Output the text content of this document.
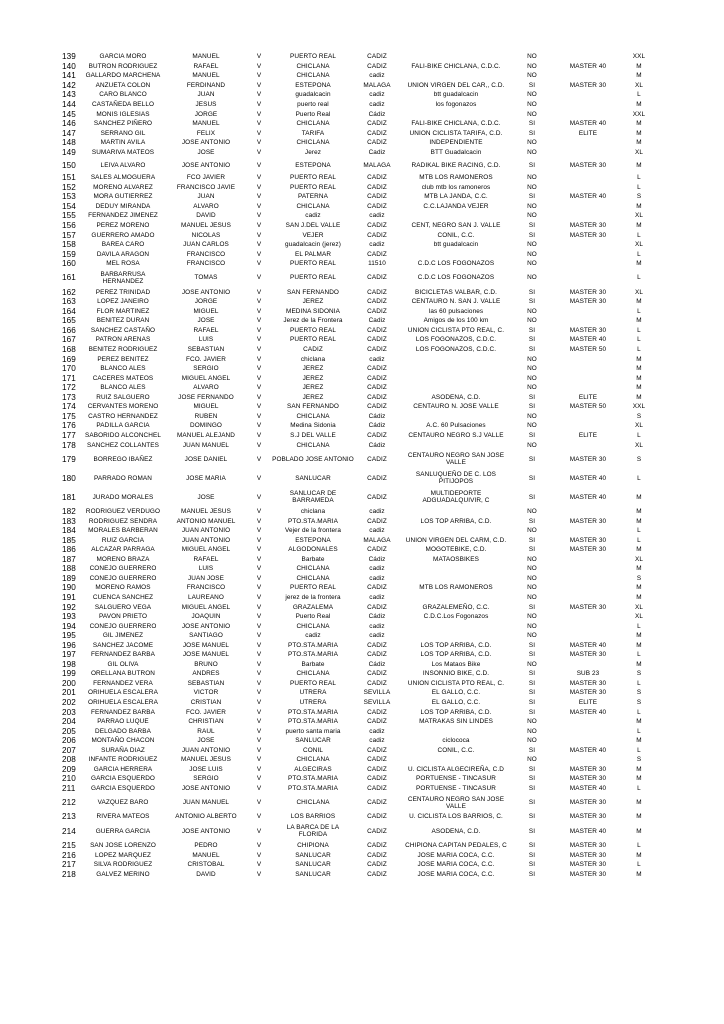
139	GARCIA MORO	MANUEL	V	PUERTO REAL	CADIZ		NO		XXL
140	BUTRON RODRIGUEZ	RAFAEL	V	CHICLANA	CADIZ	FALI-BIKE CHICLANA, C.D.C.	NO	MASTER 40	M
141	GALLARDO MARCHENA	MANUEL	V	CHICLANA	cadiz		NO		M
142	ANZUETA COLON	FERDINAND	V	ESTEPONA	MALAGA	UNION VIRGEN DEL CAR,, C.D.	SI	MASTER 30	XL
143	CARO BLANCO	JUAN	V	guadalcacin	cadiz	btt guadalcacin	NO		L
144	CASTAÑEDA BELLO	JESUS	V	puerto real	cadiz	los fogonazos	NO		M
145	MONIS IGLESIAS	JORGE	V	Puerto Real	Cádiz		NO		XXL
146	SANCHEZ PIÑERO	MANUEL	V	CHICLANA	CADIZ	FALI-BIKE CHICLANA, C.D.C.	SI	MASTER 40	M
147	SERRANO GIL	FELIX	V	TARIFA	CADIZ	UNION CICLISTA TARIFA, C.D.	SI	ELITE	M
148	MARTIN AVILA	JOSE ANTONIO	V	CHICLANA	CADIZ	INDEPENDIENTE	NO		M
149	SUMARIVA MATEOS	JOSE	V	Jerez	Cadiz	BTT Guadalcacin	NO		XL
150	LEIVA ALVARO	JOSE ANTONIO	V	ESTEPONA	MALAGA	RADIKAL BIKE RACING, C.D.	SI	MASTER 30	M
151	SALES ALMOGUERA	FCO JAVIER	V	PUERTO REAL	CADIZ	MTB LOS RAMONEROS	NO		L
152	MORENO ALVAREZ	FRANCISCO JAVIE	V	PUERTO REAL	CADIZ	club mtb los ramoneros	NO		L
153	MORA GUTIERREZ	JUAN	V	PATERNA	CADIZ	MTB LA JANDA, C.C.	SI	MASTER 40	S
154	DEDUY MIRANDA	ALVARO	V	CHICLANA	CADIZ	C.C.LAJANDA VEJER	NO		M
155	FERNANDEZ JIMENEZ	DAVID	V	cadiz	cadiz		NO		XL
156	PEREZ MORENO	MANUEL JESUS	V	SAN J.DEL VALLE	CADIZ	CENT, NEGRO SAN J. VALLE	SI	MASTER 30	M
157	GUERRERO AMADO	NICOLAS	V	VEJER	CADIZ	CONIL, C.C.	SI	MASTER 30	L
158	BAREA CARO	JUAN CARLOS	V	guadalcacin (jerez)	cadiz	btt guadalcacin	NO		XL
159	DAVILA ARAGON	FRANCISCO	V	EL PALMAR	CADIZ		NO		L
160	MEL ROSA	FRANCISCO	V	PUERTO REAL	11510	C.D.C LOS FOGONAZOS	NO		M
161	BARBARRUSA HERNANDEZ	TOMAS	V	PUERTO REAL	CADIZ	C.D.C LOS FOGONAZOS	NO		L
162	PEREZ TRINIDAD	JOSE ANTONIO	V	SAN FERNANDO	CADIZ	BICICLETAS VALBAR, C.D.	SI	MASTER 30	XL
163	LOPEZ JANEIRO	JORGE	V	JEREZ	CADIZ	CENTAURO N. SAN J. VALLE	SI	MASTER 30	M
164	FLOR MARTINEZ	MIGUEL	V	MEDINA SIDONIA	CADIZ	las 60 pulsaciones	NO		L
165	BENITEZ DURAN	JOSE	V	Jerez de la Frontera	Cadiz	Amigos de los 100 km	NO		M
166	SANCHEZ CASTAÑO	RAFAEL	V	PUERTO REAL	CADIZ	UNION CICLISTA PTO REAL, C.	SI	MASTER 30	L
167	PATRON ARENAS	LUIS	V	PUERTO REAL	CADIZ	LOS FOGONAZOS, C.D.C.	SI	MASTER 40	L
168	BENITEZ RODRIGUEZ	SEBASTIAN	V	CADIZ	CADIZ	LOS FOGONAZOS, C.D.C.	SI	MASTER 50	L
169	PEREZ BENITEZ	FCO. JAVIER	V	chiclana	cadiz		NO		M
170	BLANCO ALES	SERGIO	V	JEREZ	CADIZ		NO		M
171	CACERES MATEOS	MIGUEL ANGEL	V	JEREZ	CADIZ		NO		M
172	BLANCO ALES	ALVARO	V	JEREZ	CADIZ		NO		M
173	RUIZ SALGUERO	JOSE FERNANDO	V	JEREZ	CADIZ	ASODENA, C.D.	SI	ELITE	M
174	CERVANTES MORENO	MIGUEL	V	SAN FERNANDO	CADIZ	CENTAURO N. JOSE VALLE	SI	MASTER 50	XXL
175	CASTRO HERNANDEZ	RUBEN	V	CHICLANA	Cádiz		NO		S
176	PADILLA GARCIA	DOMINGO	V	Medina Sidonia	Cádiz	A.C. 60 Pulsaciones	NO		XL
177	SABORIDO ALCONCHEL	MANUEL ALEJAND	V	S.J DEL VALLE	CADIZ	CENTAURO NEGRO S.J VALLE	SI	ELITE	L
178	SANCHEZ COLLANTES	JUAN MANUEL	V	CHICLANA	Cádiz		NO		XL
179	BORREGO IBAÑEZ	JOSE DANIEL	V	POBLADO JOSE ANTONIO	CADIZ	CENTAURO NEGRO SAN JOSE VALLE	SI	MASTER 30	S
180	PARRADO ROMAN	JOSE MARIA	V	SANLUCAR	CADIZ	SANLUQUEÑO DE C. LOS PITIJOPOS	SI	MASTER 40	L
181	JURADO MORALES	JOSE	V	SANLUCAR DE BARRAMEDA	CADIZ	MULTIDEPORTE ADGUADALQUIVIR, C	SI	MASTER 40	M
182	RODRIGUEZ VERDUGO	MANUEL JESUS	V	chiclana	cadiz		NO		M
183	RODRIGUEZ SENDRA	ANTONIO MANUEL	V	PTO.STA.MARIA	CADIZ	LOS TOP ARRIBA, C.D.	SI	MASTER 30	M
184	MORALES BARBERAN	JUAN ANTONIO	V	Vejer de la frontera	cadiz		NO		L
185	RUIZ GARCIA	JUAN ANTONIO	V	ESTEPONA	MALAGA	UNION VIRGEN DEL CARM, C.D.	SI	MASTER 30	L
186	ALCAZAR PARRAGA	MIGUEL ANGEL	V	ALGODONALES	CADIZ	MOGOTEBIKE, C.D.	SI	MASTER 30	M
187	MORENO BRAZA	RAFAEL	V	Barbate	Cádiz	MATAOSBIKES	NO		XL
188	CONEJO GUERRERO	LUIS	V	CHICLANA	cadiz		NO		M
189	CONEJO GUERRERO	JUAN JOSE	V	CHICLANA	cadiz		NO		S
190	MORENO RAMOS	FRANCISCO	V	PUERTO REAL	CADIZ	MTB LOS RAMONEROS	NO		M
191	CUENCA SANCHEZ	LAUREANO	V	jerez de la frontera	cadiz		NO		M
192	SALGUERO VEGA	MIGUEL ANGEL	V	GRAZALEMA	CADIZ	GRAZALEMEÑO, C.C.	SI	MASTER 30	XL
193	PAVON PRIETO	JOAQUIN	V	Puerto Real	Cádiz	C.D.C.Los Fogonazos	NO		XL
194	CONEJO GUERRERO	JOSE ANTONIO	V	CHICLANA	cadiz		NO		L
195	GIL JIMENEZ	SANTIAGO	V	cadiz	cadiz		NO		M
196	SANCHEZ JACOME	JOSE MANUEL	V	PTO.STA.MARIA	CADIZ	LOS TOP ARRIBA, C.D.	SI	MASTER 40	M
197	FERNANDEZ BARBA	JOSE MANUEL	V	PTO.STA.MARIA	CADIZ	LOS TOP ARRIBA, C.D.	SI	MASTER 30	L
198	GIL OLIVA	BRUNO	V	Barbate	Cádiz	Los Mataos Bike	NO		M
199	ORELLANA BUTRON	ANDRES	V	CHICLANA	CADIZ	INSONNIO BIKE, C.D.	SI	SUB 23	S
200	FERNANDEZ VERA	SEBASTIAN	V	PUERTO REAL	CADIZ	UNION CICLISTA PTO REAL, C.	SI	MASTER 30	L
201	ORIHUELA ESCALERA	VICTOR	V	UTRERA	SEVILLA	EL GALLO, C.C.	SI	MASTER 30	S
202	ORIHUELA ESCALERA	CRISTIAN	V	UTRERA	SEVILLA	EL GALLO, C.C.	SI	ELITE	S
203	FERNANDEZ BARBA	FCO. JAVIER	V	PTO.STA.MARIA	CADIZ	LOS TOP ARRIBA, C.D.	SI	MASTER 40	L
204	PARRAO LUQUE	CHRISTIAN	V	PTO.STA.MARIA	CADIZ	MATRAKAS SIN LINDES	NO		M
205	DELGADO BARBA	RAUL	V	puerto santa maria	cadiz		NO		L
206	MONTAÑO CHACON	JOSE	V	SANLUCAR	cadiz	ciclococa	NO		M
207	SURAÑA DIAZ	JUAN ANTONIO	V	CONIL	CADIZ	CONIL, C.C.	SI	MASTER 40	L
208	INFANTE RODRIGUEZ	MANUEL JESUS	V	CHICLANA	CADIZ		NO		S
209	GARCIA HERRERA	JOSE LUIS	V	ALGECIRAS	CADIZ	U. CICLISTA ALGECIREÑA, C.D	SI	MASTER 30	M
210	GARCIA ESQUERDO	SERGIO	V	PTO.STA.MARIA	CADIZ	PORTUENSE - TINCASUR	SI	MASTER 30	M
211	GARCIA ESQUERDO	JOSE ANTONIO	V	PTO.STA.MARIA	CADIZ	PORTUENSE - TINCASUR	SI	MASTER 40	L
212	VAZQUEZ BARO	JUAN MANUEL	V	CHICLANA	CADIZ	CENTAURO NEGRO SAN JOSE VALLE	SI	MASTER 30	M
213	RIVERA MATEOS	ANTONIO ALBERTO	V	LOS BARRIOS	CADIZ	U. CICLISTA LOS BARRIOS, C.	SI	MASTER 30	M
214	GUERRA GARCIA	JOSE ANTONIO	V	LA BARCA DE LA FLORIDA	CADIZ	ASODENA, C.D.	SI	MASTER 40	M
215	SAN JOSE LORENZO	PEDRO	V	CHIPIONA	CADIZ	CHIPIONA CAPITAN PEDALES, C	SI	MASTER 30	L
216	LOPEZ MARQUEZ	MANUEL	V	SANLUCAR	CADIZ	JOSE MARIA COCA, C.C.	SI	MASTER 30	M
217	SILVA RODRIGUEZ	CRISTOBAL	V	SANLUCAR	CADIZ	JOSE MARIA COCA, C.C.	SI	MASTER 30	L
218	GALVEZ MERINO	DAVID	V	SANLUCAR	CADIZ	JOSE MARIA COCA, C.C.	SI	MASTER 30	M
